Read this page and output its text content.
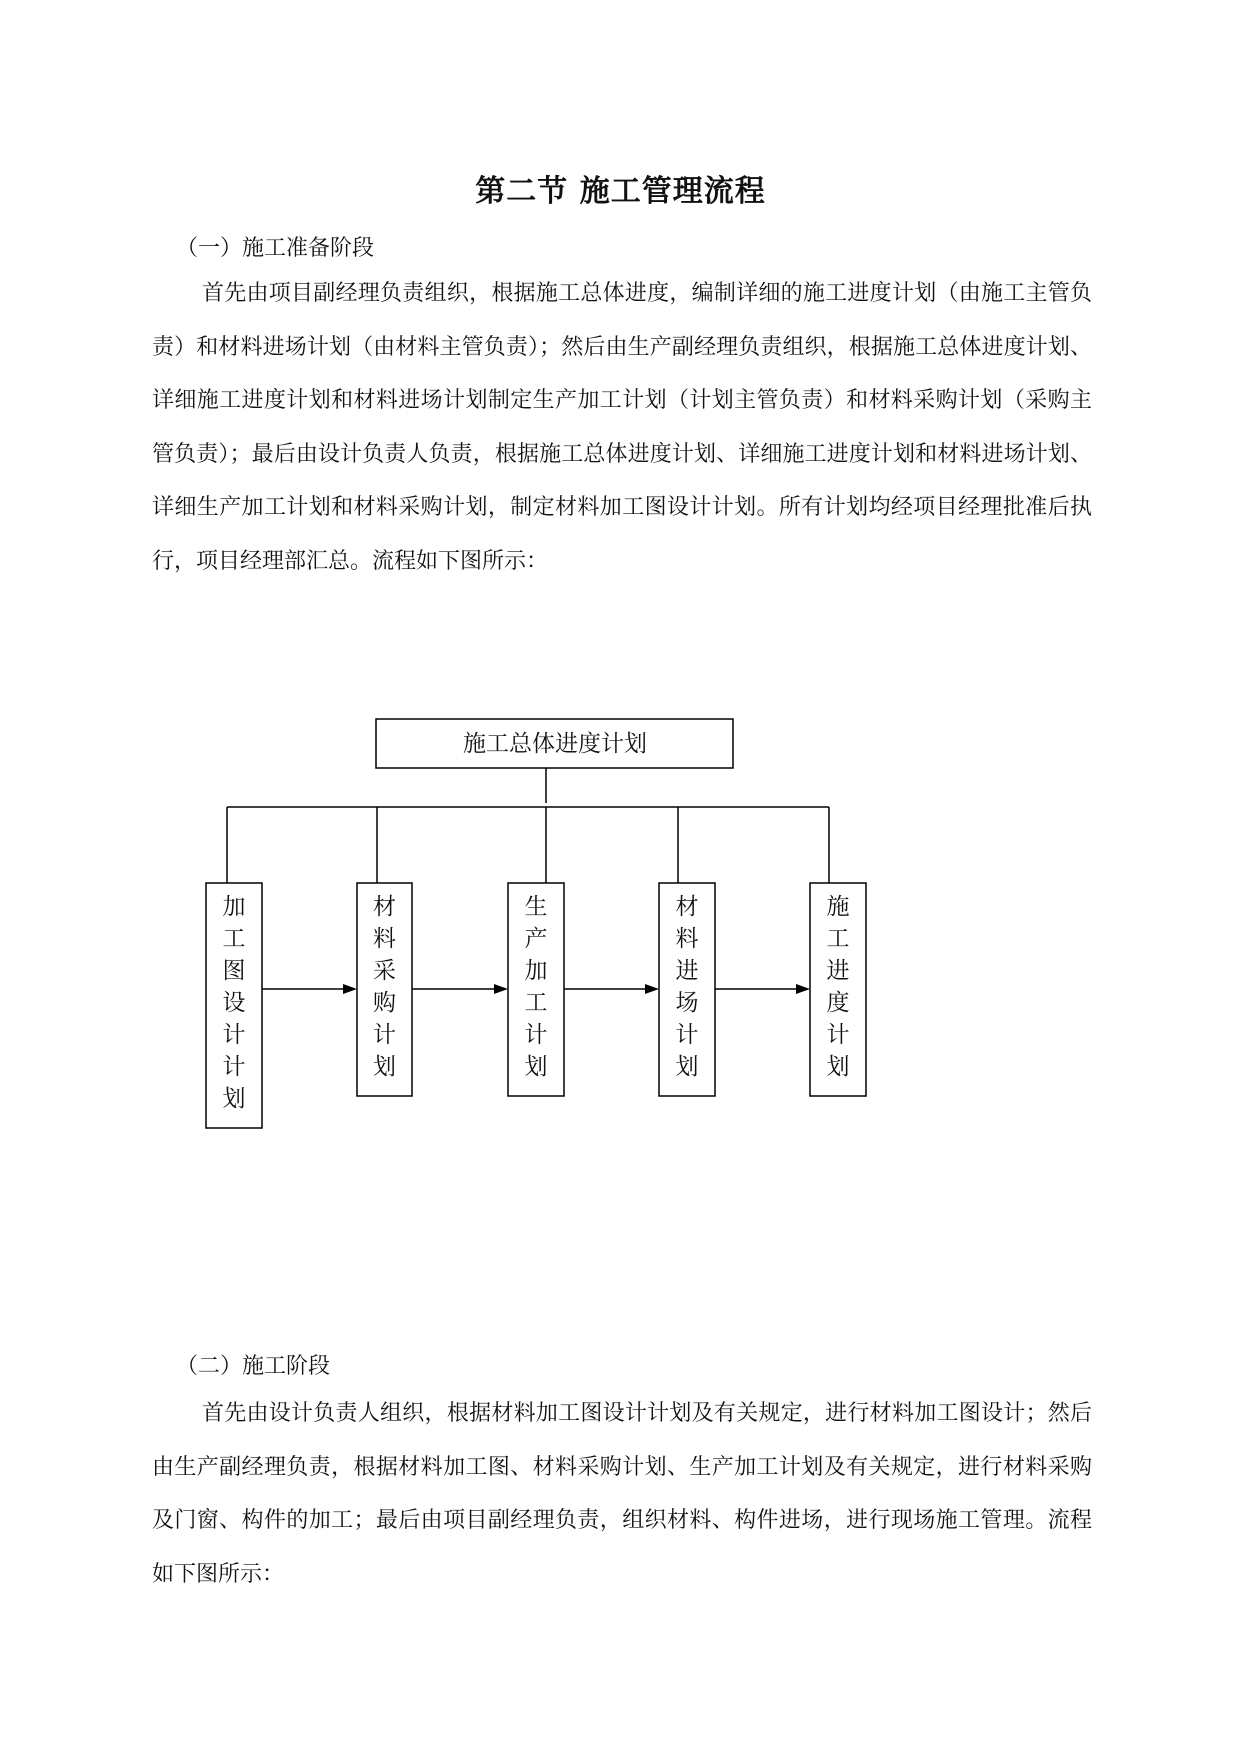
第二节 施工管理流程
（一）施工准备阶段

首先由项目副经理负责组织，根据施工总体进度，编制详细的施工进度计划（由施工主管负责）和材料进场计划（由材料主管负责）；然后由生产副经理负责组织，根据施工总体进度计划、详细施工进度计划和材料进场计划制定生产加工计划（计划主管负责）和材料采购计划（采购主管负责）；最后由设计负责人负责，根据施工总体进度计划、详细施工进度计划和材料进场计划、详细生产加工计划和材料采购计划，制定材料加工图设计计划。所有计划均经项目经理批准后执行，项目经理部汇总。流程如下图所示：

施工总体进度计划
加
工
图
设
计
计
划
材
料
采
购
计
划
生
产
加
工
计
划
材
料
进
场
计
划
施
工
进
度
计
划
（二）施工阶段

首先由设计负责人组织，根据材料加工图设计计划及有关规定，进行材料加工图设计；然后由生产副经理负责，根据材料加工图、材料采购计划、生产加工计划及有关规定，进行材料采购及门窗、构件的加工；最后由项目副经理负责，组织材料、构件进场，进行现场施工管理。流程如下图所示：
